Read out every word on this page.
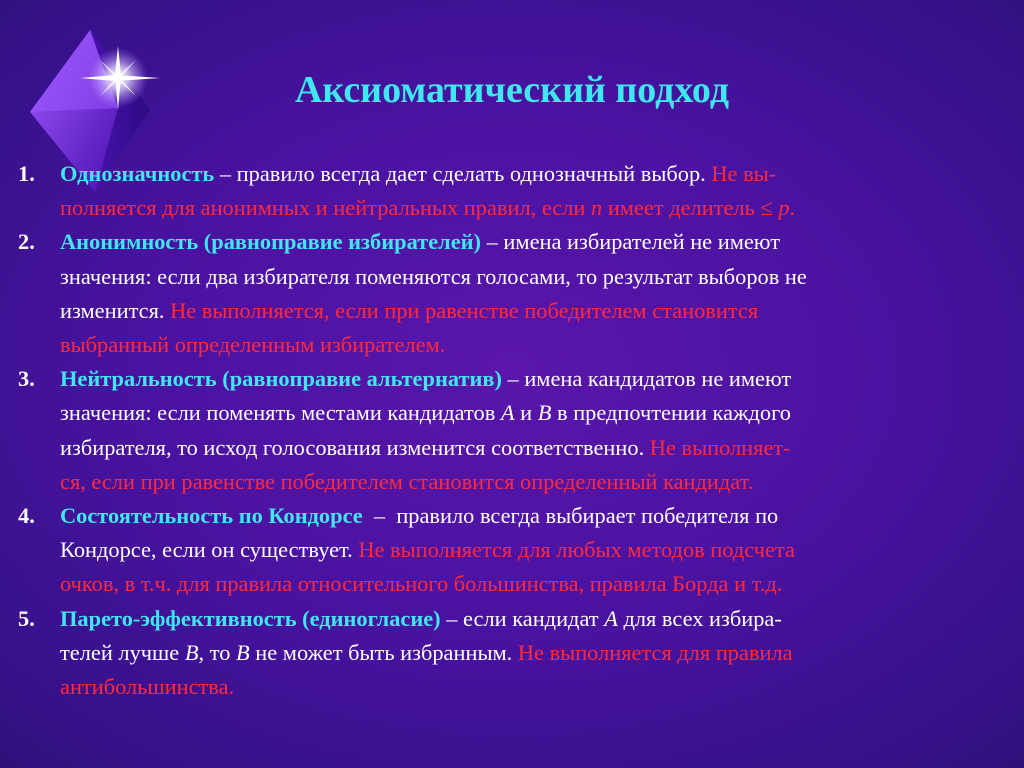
Аксиоматический подход
1. Однозначность – правило всегда дает сделать однозначный выбор. Не вы-
полняется для анонимных и нейтральных правил, если n имеет делитель ≤ p.
2. Анонимность (равноправие избирателей) – имена избирателей не имеют
значения: если два избирателя поменяются голосами, то результат выборов не
изменится. Не выполняется, если при равенстве победителем становится
выбранный определенным избирателем.
3. Нейтральность (равноправие альтернатив) – имена кандидатов не имеют
значения: если поменять местами кандидатов A и B в предпочтении каждого
избирателя, то исход голосования изменится соответственно. Не выполняет-
ся, если при равенстве победителем становится определенный кандидат.
4. Состоятельность по Кондорсе  –  правило всегда выбирает победителя по
Кондорсе, если он существует. Не выполняется для любых методов подсчета
очков, в т.ч. для правила относительного большинства, правила Борда и т.д.
5. Парето-эффективность (единогласие) – если кандидат A для всех избира-
телей лучше B, то B не может быть избранным. Не выполняется для правила
антибольшинства.
